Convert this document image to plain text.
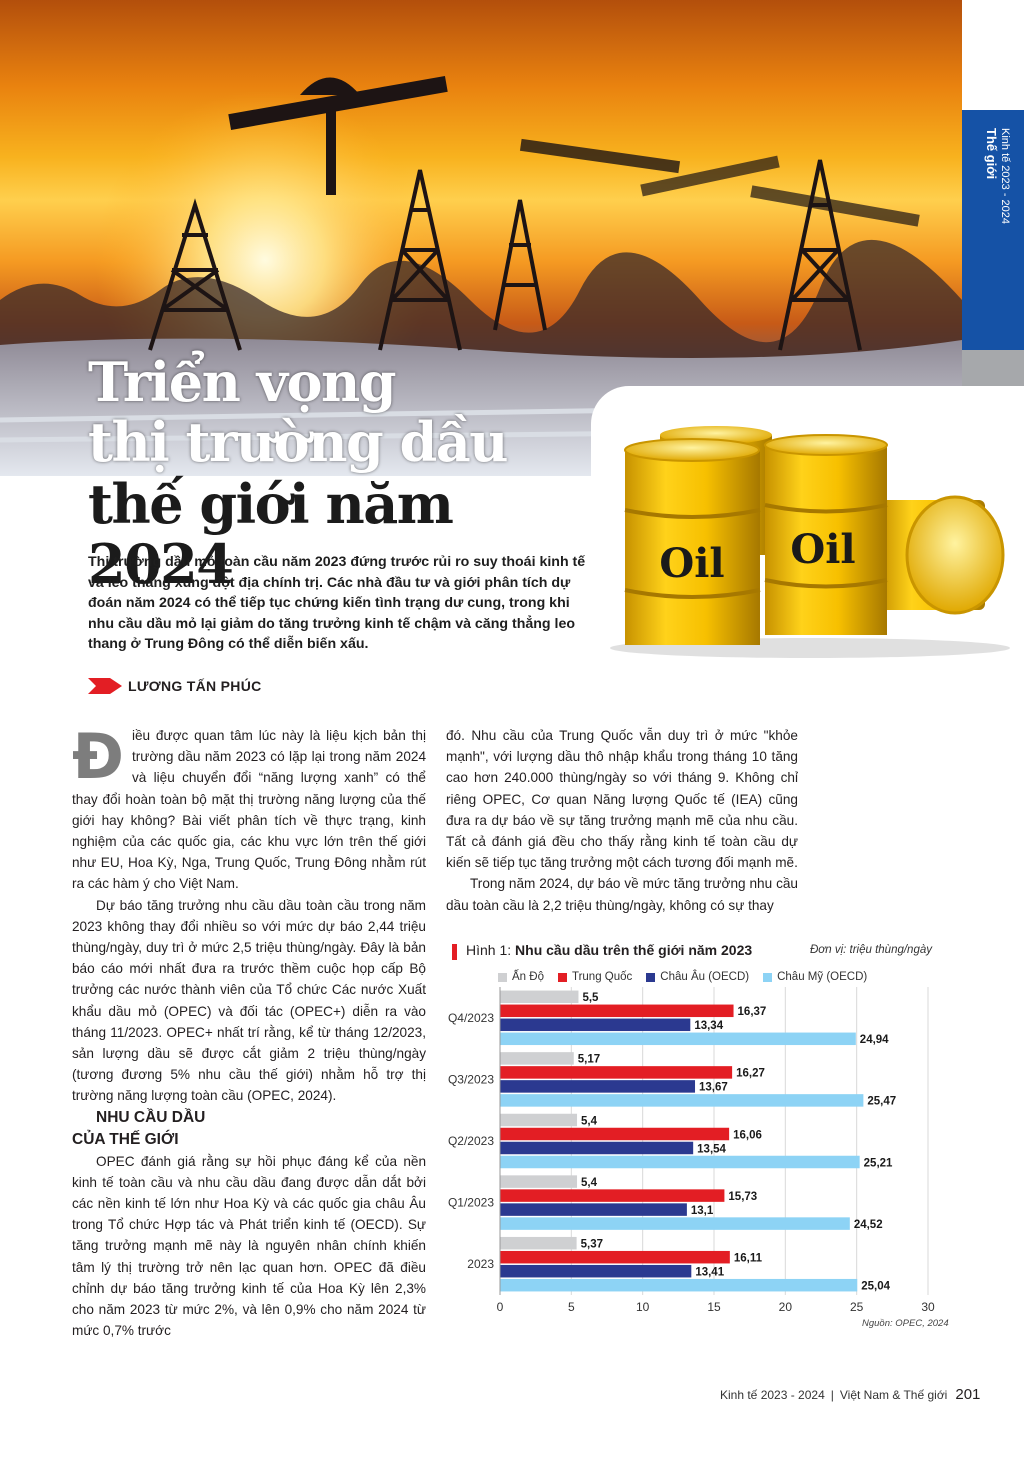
Kinh tế 2023 - 2024
Thế giới
Oil Oil
Triển vọng
thị trường dầu
thế giới năm 2024
Thị trường dầu mỏ toàn cầu năm 2023 đứng trước rủi ro suy thoái kinh tế và leo thang xung đột địa chính trị. Các nhà đầu tư và giới phân tích dự đoán năm 2024 có thể tiếp tục chứng kiến tình trạng dư cung, trong khi nhu cầu dầu mỏ lại giảm do tăng trưởng kinh tế chậm và căng thẳng leo thang ở Trung Đông có thể diễn biến xấu.
LƯƠNG TẤN PHÚC
Đ iều được quan tâm lúc này là liệu kịch bản thị trường dầu năm 2023 có lặp lại trong năm 2024 và liệu chuyển đổi “năng lượng xanh” có thể thay đổi hoàn toàn bộ mặt thị trường năng lượng của thế giới hay không? Bài viết phân tích về thực trạng, kinh nghiệm của các quốc gia, các khu vực lớn trên thế giới như EU, Hoa Kỳ, Nga, Trung Quốc, Trung Đông nhằm rút ra các hàm ý cho Việt Nam.

Dự báo tăng trưởng nhu cầu dầu toàn cầu trong năm 2023 không thay đổi nhiều so với mức dự báo 2,44 triệu thùng/ngày, duy trì ở mức 2,5 triệu thùng/ngày. Đây là bản báo cáo mới nhất đưa ra trước thềm cuộc họp cấp Bộ trưởng các nước thành viên của Tổ chức Các nước Xuất khẩu dầu mỏ (OPEC) và đối tác (OPEC+) diễn ra vào tháng 11/2023. OPEC+ nhất trí rằng, kể từ tháng 12/2023, sản lượng dầu sẽ được cắt giảm 2 triệu thùng/ngày (tương đương 5% nhu cầu thế giới) nhằm hỗ trợ thị trường năng lượng toàn cầu (OPEC, 2024).

NHU CẦU DẦU
CỦA THẾ GIỚI

OPEC đánh giá rằng sự hồi phục đáng kể của nền kinh tế toàn cầu và nhu cầu dầu đang được dẫn dắt bởi các nền kinh tế lớn như Hoa Kỳ và các quốc gia châu Âu trong Tổ chức Hợp tác và Phát triển kinh tế (OECD). Sự tăng trưởng mạnh mẽ này là nguyên nhân chính khiến tâm lý thị trường trở nên lạc quan hơn. OPEC đã điều chỉnh dự báo tăng trưởng kinh tế của Hoa Kỳ lên 2,3% cho năm 2023 từ mức 2%, và lên 0,9% cho năm 2024 từ mức 0,7% trước

đó. Nhu cầu của Trung Quốc vẫn duy trì ở mức "khỏe mạnh", với lượng dầu thô nhập khẩu trong tháng 10 tăng cao hơn 240.000 thùng/ngày so với tháng 9. Không chỉ riêng OPEC, Cơ quan Năng lượng Quốc tế (IEA) cũng đưa ra dự báo về sự tăng trưởng mạnh mẽ của nhu cầu. Tất cả đánh giá đều cho thấy rằng kinh tế toàn cầu dự kiến sẽ tiếp tục tăng trưởng một cách tương đối mạnh mẽ.

Trong năm 2024, dự báo về mức tăng trưởng nhu cầu dầu toàn cầu là 2,2 triệu thùng/ngày, không có sự thay

Hình 1: Nhu cầu dầu trên thế giới năm 2023	Đơn vị: triệu thùng/ngày
Ấn Độ Trung Quốc Châu Âu (OECD) Châu Mỹ (OECD)
0	5	10	15	20	25	30
Q4/2023
5,5
16,37
13,34
24,94
Q3/2023
5,17
16,27
13,67
25,47
Q2/2023
5,4
16,06
13,54
25,21
Q1/2023
5,4
15,73
13,1
24,52
2023
5,37
16,11
13,41
25,04
Nguồn: OPEC, 2024
Kinh tế 2023 - 2024 | Việt Nam & Thế giới 201
